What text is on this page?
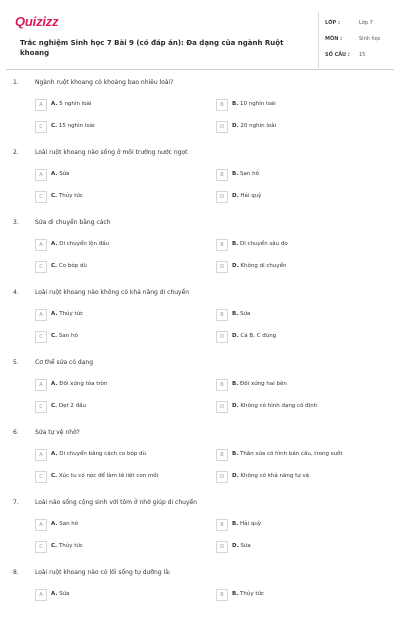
Quizizz
Trắc nghiệm Sinh học 7 Bài 9 (có đáp án): Đa dạng của ngành Ruột khoang
LỚP :	Lớp 7
MÔN :	Sinh học
SỐ CÂU : 15
1.	Ngành ruột khoang có khoảng bao nhiêu loài?
A	A. 5 nghìn loài	B	B. 10 nghìn loài
C	C. 15 nghìn loài	D	D. 20 nghìn loài
2.	Loài ruột khoang nào sống ở môi trường nước ngọt
A	A. Sứa	B	B. San hô
C	C. Thủy tức	D	D. Hải quỳ
3.	Sứa di chuyển bằng cách
A	A. Di chuyển lộn đầu	B	B. Di chuyển sâu đo
C	C. Co bóp dù	D	D. Không di chuyển
4.	Loài ruột khoang nào không có khả năng di chuyển
A	A. Thủy tức	B	B. Sứa
C	C. San hô	D	D. Cả B, C đúng
5.	Cơ thể sứa có dạng
A	A. Đối xứng tỏa tròn	B	B. Đối xứng hai bên
C	C. Dẹt 2 đầu	D	D. Không có hình dạng cố định
6.	Sứa tự vệ nhờ?
A	A. Di chuyển bằng cách co bóp dù	B	B. Thân sứa có hình bán cầu, trong suốt
C	C. Xúc tu có nọc để làm tê liệt con mồi	D	D. Không có khả năng tự vệ.
7.	Loài nào sống cộng sinh với tôm ở nhờ giúp di chuyển
A	A. San hô	B	B. Hải quỳ
C	C. Thủy tức	D	D. Sứa
8.	Loài ruột khoang nào có lối sống tự dưỡng là:
A	A. Sứa	B	B. Thủy tức
